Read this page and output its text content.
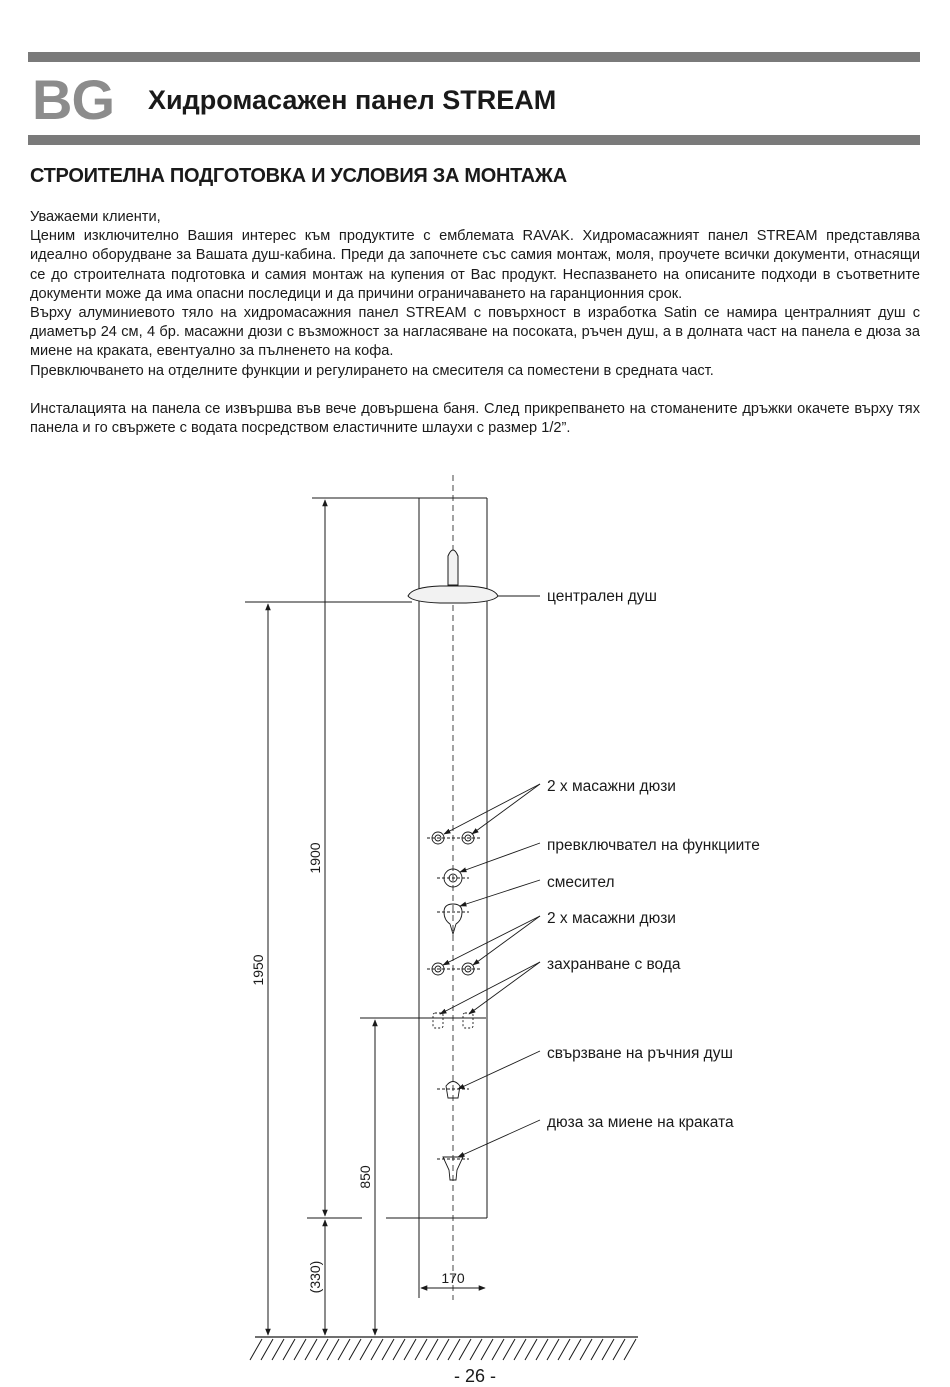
BG Хидромасажен панел STREAM
СТРОИТЕЛНА ПОДГОТОВКА И УСЛОВИЯ ЗА МОНТАЖА

Уважаеми клиенти,

Ценим изключително Вашия интерес към продуктите с емблемата RAVAK. Хидромасажният панел STREAM представлява идеално оборудване за Вашата душ-кабина. Преди да започнете със самия монтаж, моля, проучете всички документи, отнасящи се до строителната подготовка и самия монтаж на купения от Вас продукт. Неспазването на описаните подходи в съответните документи може да има опасни последици и да причини ограничаването на гаранционния срок.

Върху алуминиевото тяло на хидромасажния панел STREAM с повърхност в изработка Satin се намира централният душ с диаметър 24 см, 4 бр. масажни дюзи с възможност за нагласяване на посоката, ръчен душ, а в долната част на панела е дюза за миене на краката, евентуално за пълненето на кофа.

Превключването на отделните функции и регулирането на смесителя са поместени в средната част.

Инсталацията на панела се извършва във вече довършена баня. След прикрепването на стоманените дръжки окачете върху тях панела и го свържете с водата посредством еластичните шлаухи с размер 1/2”.

централен душ
2 х масажни дюзи
превключвател на функциите
смесител
2 х масажни дюзи
захранване с вода
свързване на ръчния душ
дюза за миене на краката
1900
1950
850
(330)	170
- 26 -
